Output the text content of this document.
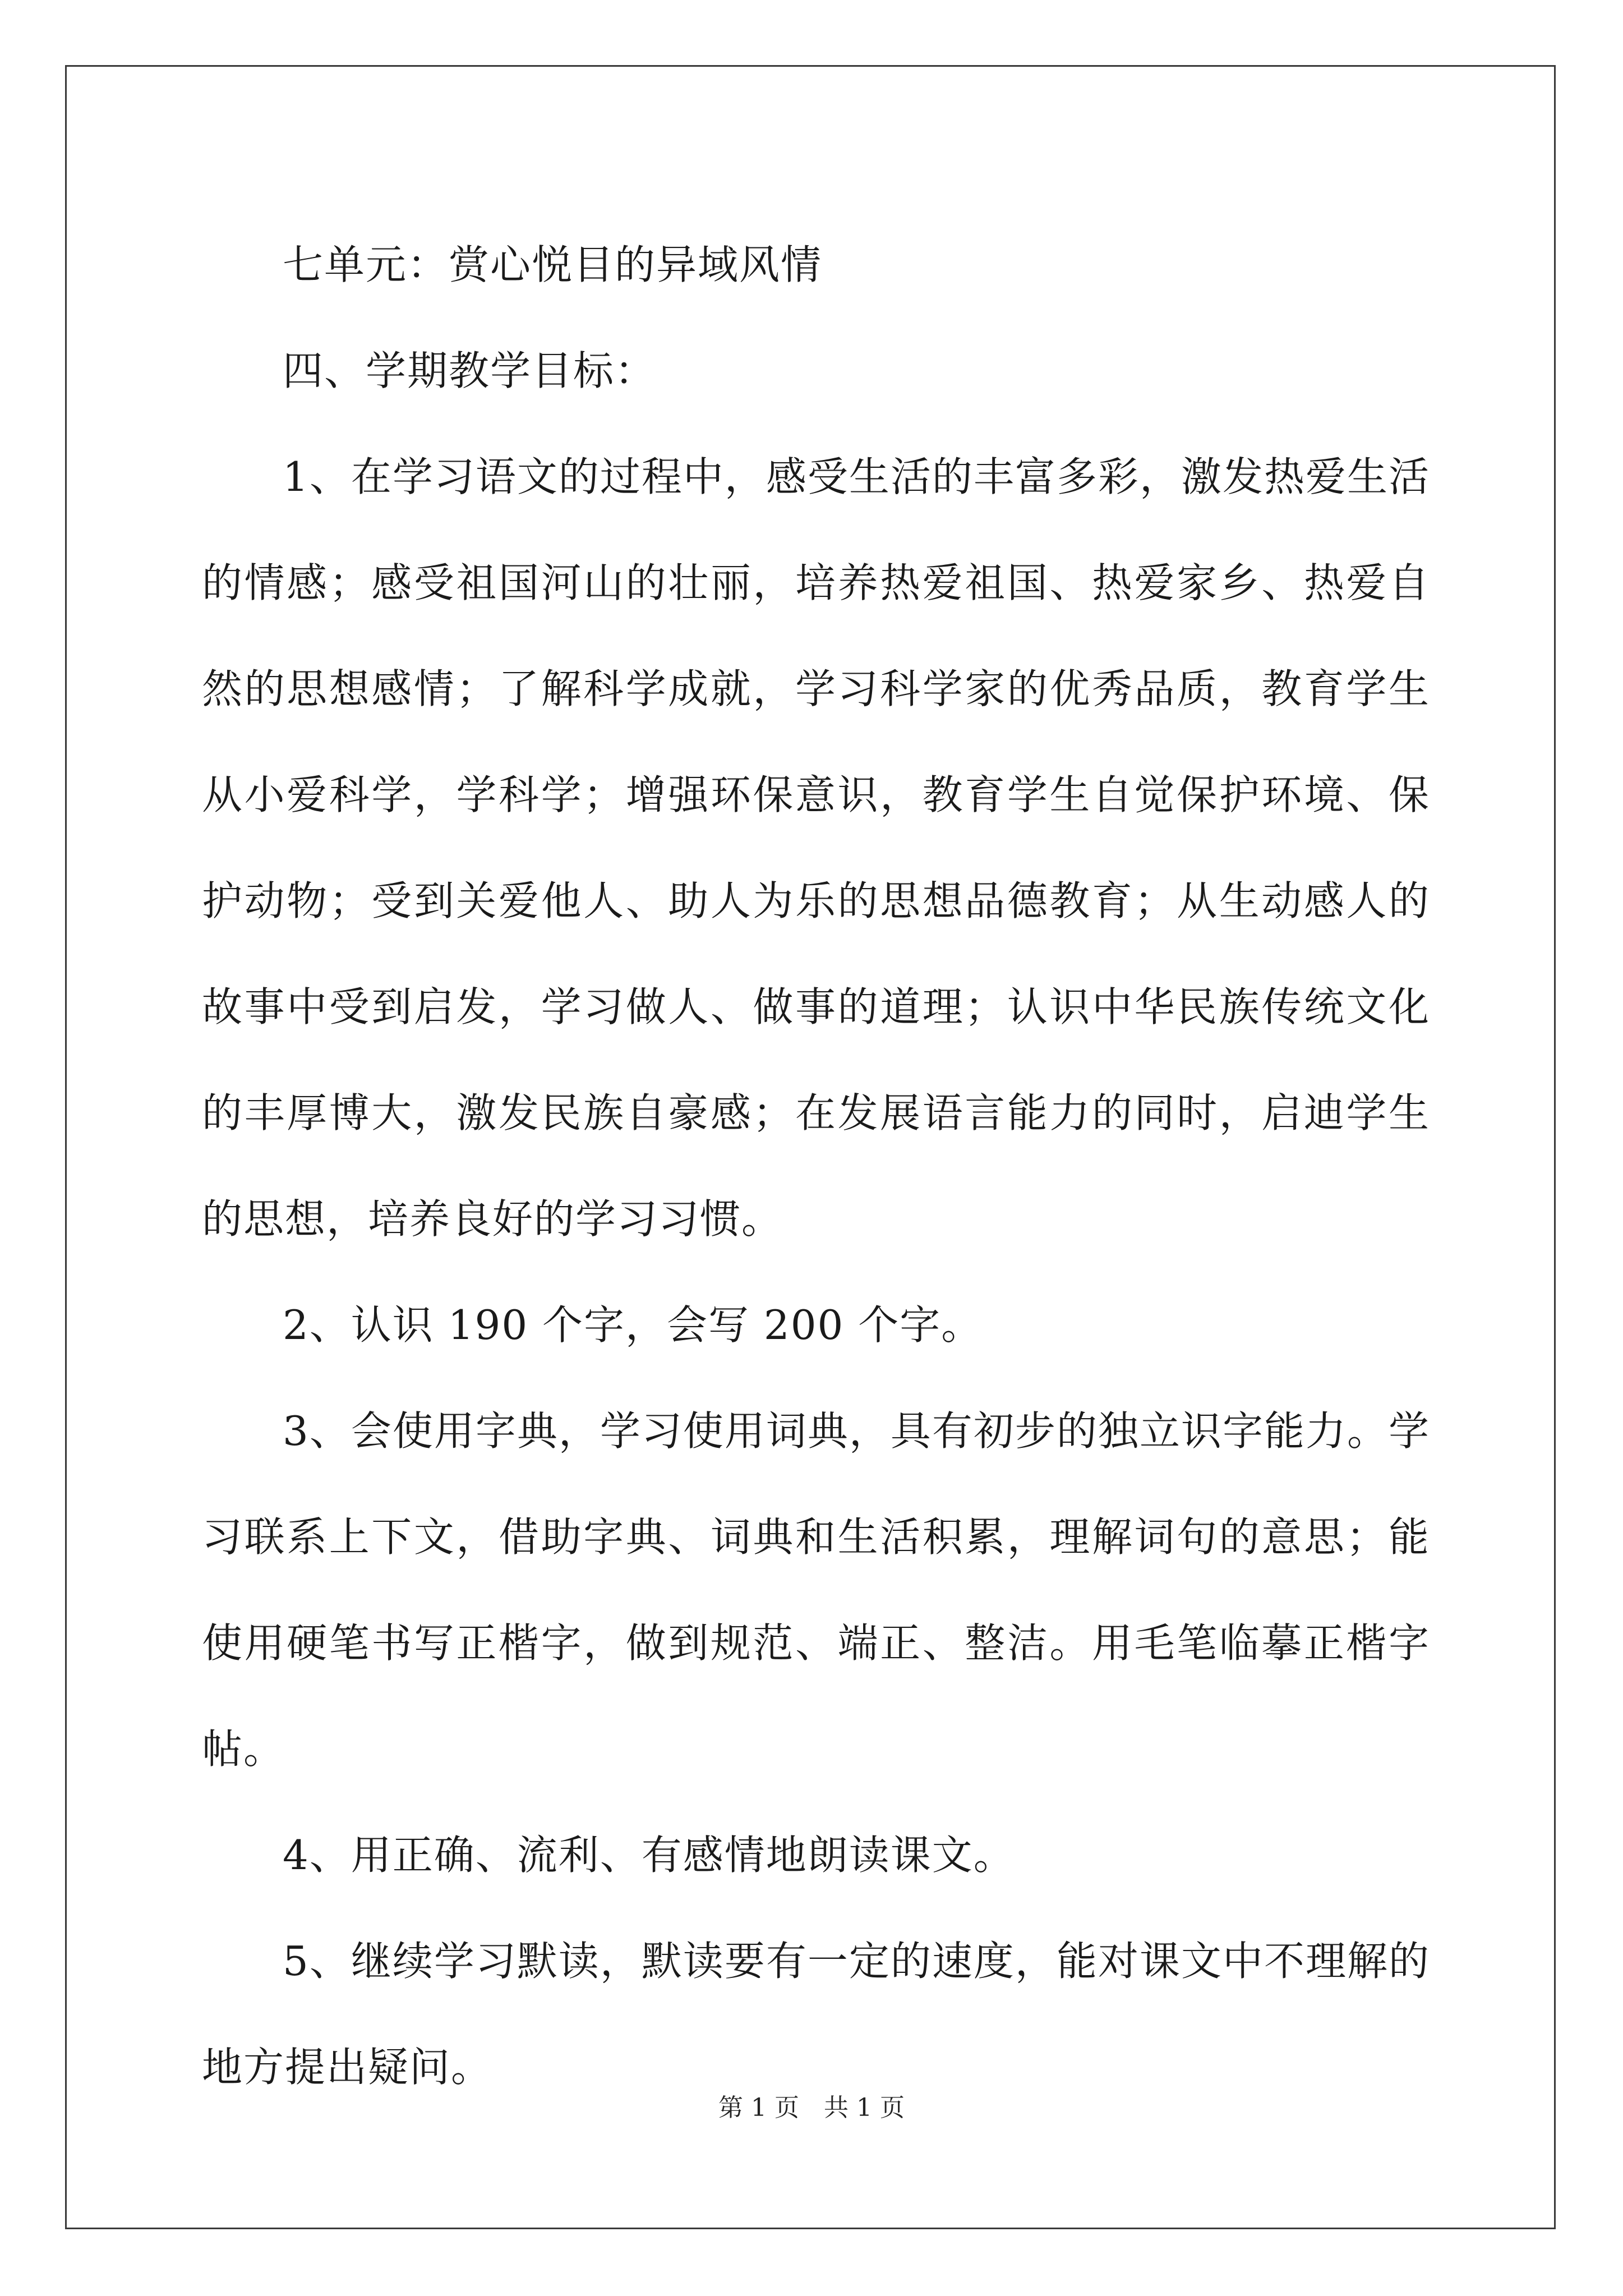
七单元：赏心悦目的异域风情

四、学期教学目标：

1、在学习语文的过程中，感受生活的丰富多彩，激发热爱生活的情感；感受祖国河山的壮丽，培养热爱祖国、热爱家乡、热爱自然的思想感情；了解科学成就，学习科学家的优秀品质，教育学生从小爱科学，学科学；增强环保意识，教育学生自觉保护环境、保护动物；受到关爱他人、助人为乐的思想品德教育；从生动感人的故事中受到启发，学习做人、做事的道理；认识中华民族传统文化的丰厚博大，激发民族自豪感；在发展语言能力的同时，启迪学生的思想，培养良好的学习习惯。

2、认识 190 个字，会写 200 个字。

3、会使用字典，学习使用词典，具有初步的独立识字能力。学习联系上下文，借助字典、词典和生活积累，理解词句的意思；能使用硬笔书写正楷字，做到规范、端正、整洁。用毛笔临摹正楷字帖。

4、用正确、流利、有感情地朗读课文。

5、继续学习默读，默读要有一定的速度，能对课文中不理解的地方提出疑问。

第 1 页 共 1 页
